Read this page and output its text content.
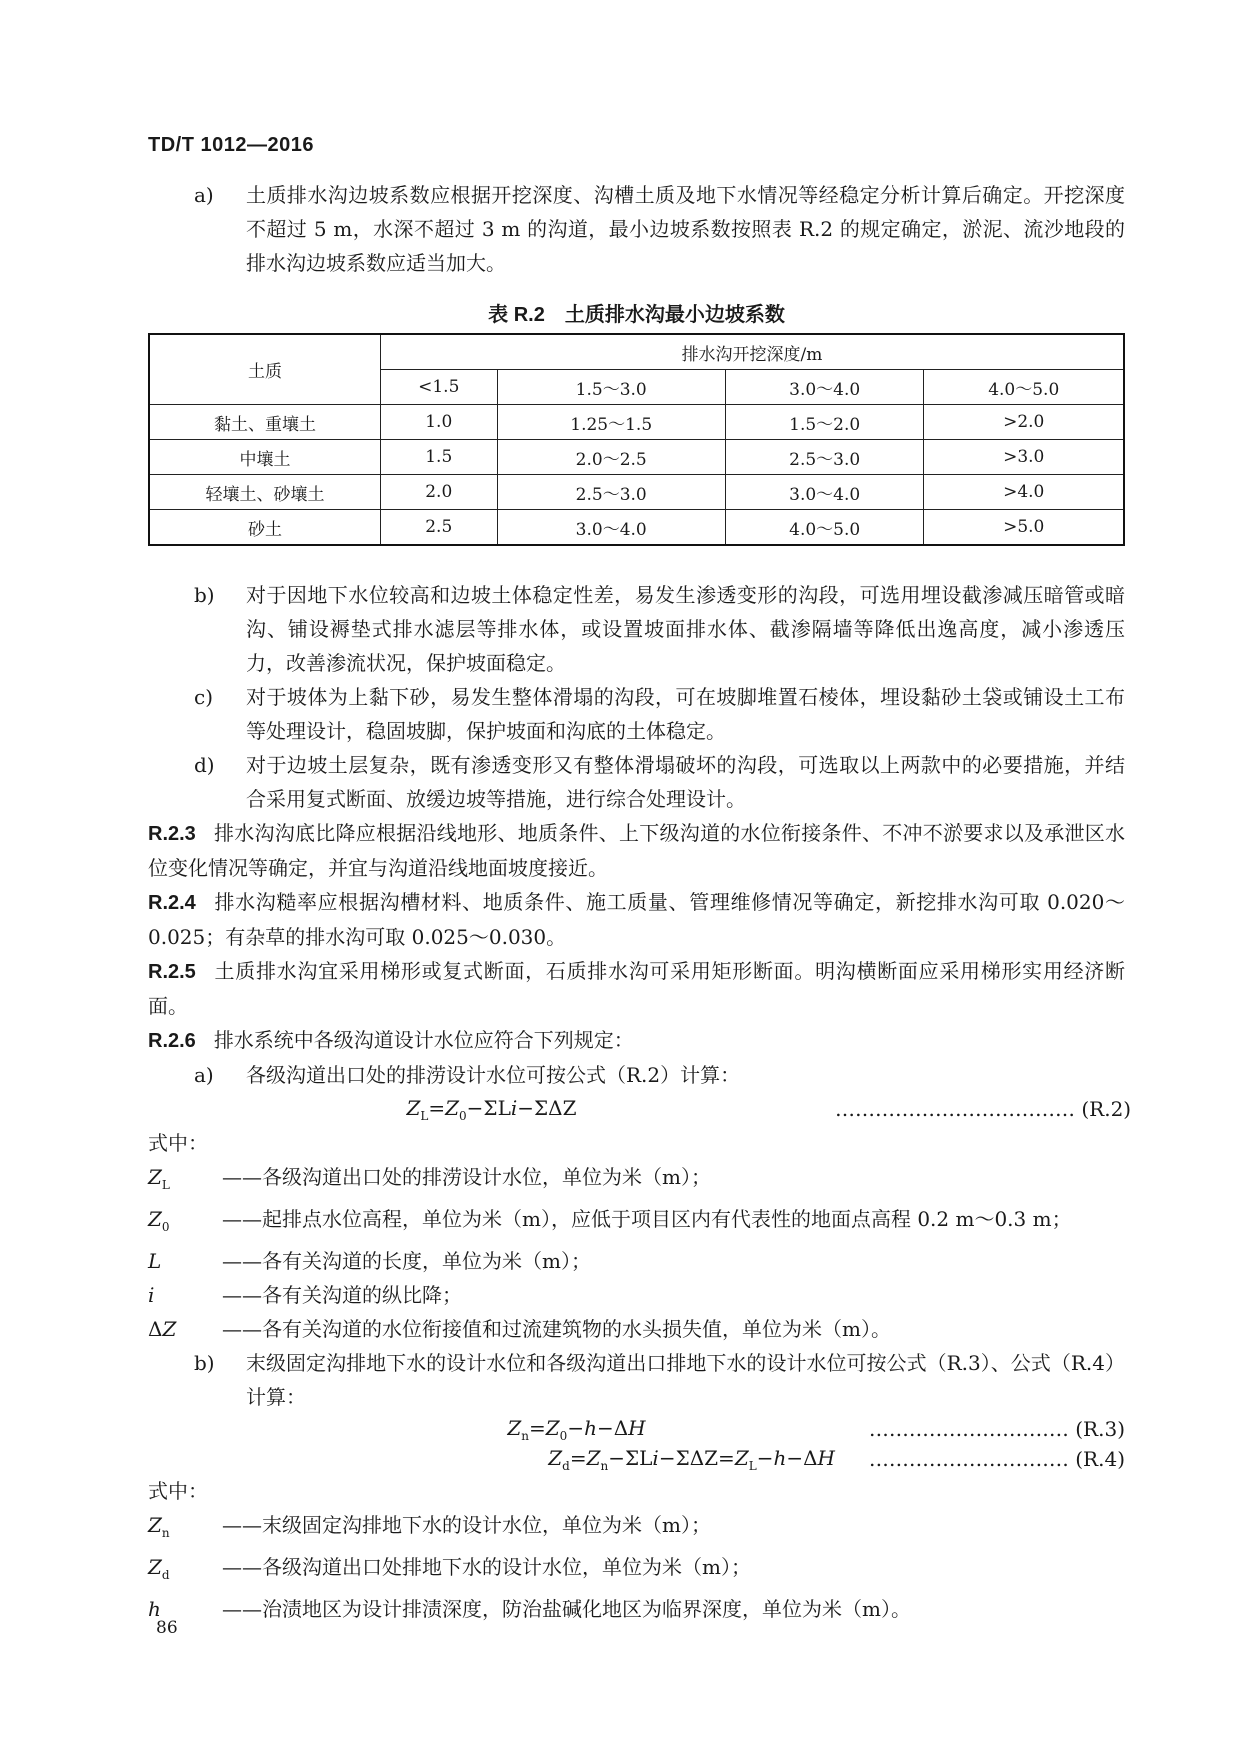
TD/T 1012—2016
a)	土质排水沟边坡系数应根据开挖深度、沟槽土质及地下水情况等经稳定分析计算后确定。开挖深度不超过 5 m，水深不超过 3 m 的沟道，最小边坡系数按照表 R.2 的规定确定，淤泥、流沙地段的排水沟边坡系数应适当加大。
表 R.2　土质排水沟最小边坡系数
土质	排水沟开挖深度/m			
	<1.5	1.5～3.0	3.0～4.0	4.0～5.0
黏土、重壤土	1.0	1.25～1.5	1.5～2.0	>2.0
中壤土	1.5	2.0～2.5	2.5～3.0	>3.0
轻壤土、砂壤土	2.0	2.5～3.0	3.0～4.0	>4.0
砂土	2.5	3.0～4.0	4.0～5.0	>5.0
b)	对于因地下水位较高和边坡土体稳定性差，易发生渗透变形的沟段，可选用埋设截渗减压暗管或暗沟、铺设褥垫式排水滤层等排水体，或设置坡面排水体、截渗隔墙等降低出逸高度，减小渗透压力，改善渗流状况，保护坡面稳定。
c)	对于坡体为上黏下砂，易发生整体滑塌的沟段，可在坡脚堆置石棱体，埋设黏砂土袋或铺设土工布等处理设计，稳固坡脚，保护坡面和沟底的土体稳定。
d)	对于边坡土层复杂，既有渗透变形又有整体滑塌破坏的沟段，可选取以上两款中的必要措施，并结合采用复式断面、放缓边坡等措施，进行综合处理设计。
R.2.3 排水沟沟底比降应根据沿线地形、地质条件、上下级沟道的水位衔接条件、不冲不淤要求以及承泄区水位变化情况等确定，并宜与沟道沿线地面坡度接近。
R.2.4 排水沟糙率应根据沟槽材料、地质条件、施工质量、管理维修情况等确定，新挖排水沟可取 0.020～0.025；有杂草的排水沟可取 0.025～0.030。
R.2.5 土质排水沟宜采用梯形或复式断面，石质排水沟可采用矩形断面。明沟横断面应采用梯形实用经济断面。
R.2.6 排水系统中各级沟道设计水位应符合下列规定：
a)	各级沟道出口处的排涝设计水位可按公式（R.2）计算：
$Z_L=Z_0-\Sigma Li-\Sigma\Delta Z$	……………………………… (R.2)
式中：
$Z_L$	——各级沟道出口处的排涝设计水位，单位为米（m）；
$Z_0$	——起排点水位高程，单位为米（m），应低于项目区内有代表性的地面点高程 0.2 m～0.3 m；
L	——各有关沟道的长度，单位为米（m）；
i	——各有关沟道的纵比降；
ΔZ	——各有关沟道的水位衔接值和过流建筑物的水头损失值，单位为米（m）。
b)	末级固定沟排地下水的设计水位和各级沟道出口排地下水的设计水位可按公式（R.3）、公式（R.4）计算：
$Z_n=Z_0-h-\Delta H$	………………………… (R.3)
$Z_d=Z_n-\Sigma Li-\Sigma\Delta Z=Z_L-h-\Delta H$	………………………… (R.4)
式中：
$Z_n$	——末级固定沟排地下水的设计水位，单位为米（m）；
$Z_d$	——各级沟道出口处排地下水的设计水位，单位为米（m）；
h	——治渍地区为设计排渍深度，防治盐碱化地区为临界深度，单位为米（m）。
86
